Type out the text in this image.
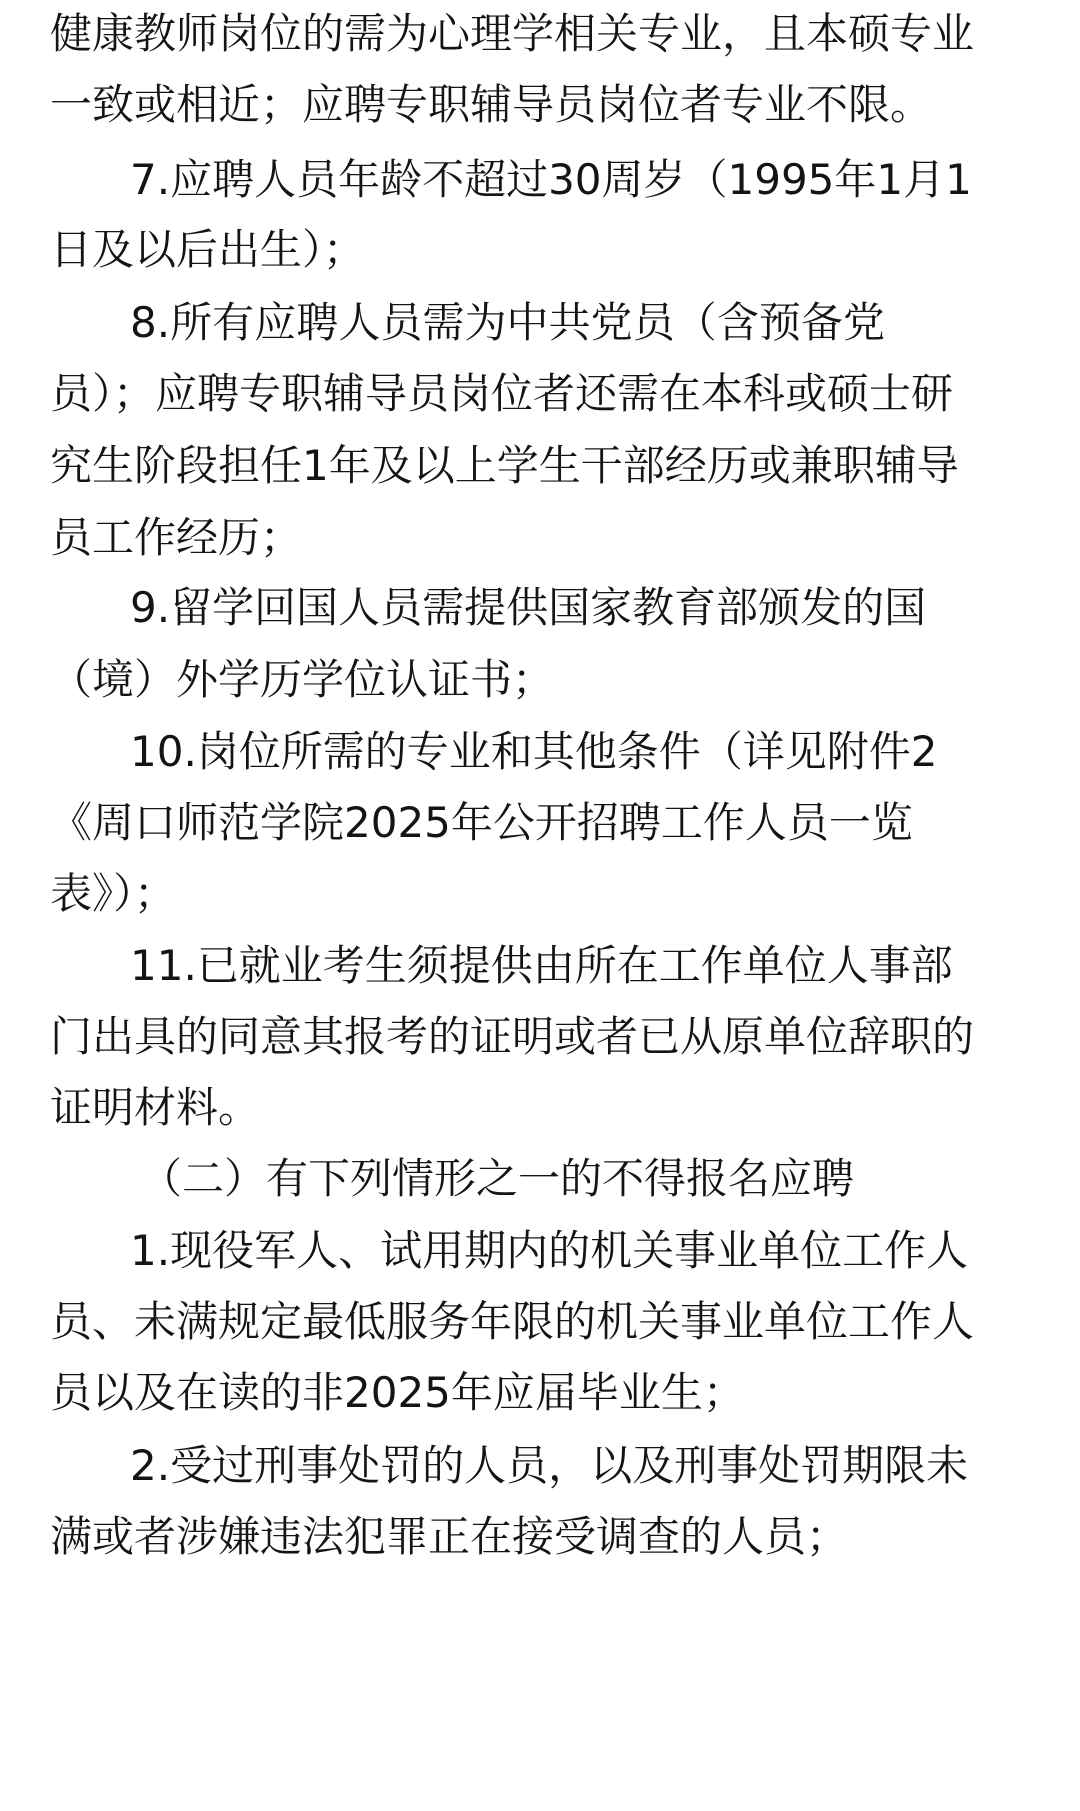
健康教师岗位的需为心理学相关专业，且本硕专业
一致或相近；应聘专职辅导员岗位者专业不限。
7.应聘人员年龄不超过30周岁（1995年1月1
日及以后出生）；
8.所有应聘人员需为中共党员（含预备党
员）；应聘专职辅导员岗位者还需在本科或硕士研
究生阶段担任1年及以上学生干部经历或兼职辅导
员工作经历；
9.留学回国人员需提供国家教育部颁发的国
（境）外学历学位认证书；
10.岗位所需的专业和其他条件（详见附件2
《周口师范学院2025年公开招聘工作人员一览
表》）；
11.已就业考生须提供由所在工作单位人事部
门出具的同意其报考的证明或者已从原单位辞职的
证明材料。
（二）有下列情形之一的不得报名应聘
1.现役军人、试用期内的机关事业单位工作人
员、未满规定最低服务年限的机关事业单位工作人
员以及在读的非2025年应届毕业生；
2.受过刑事处罚的人员，以及刑事处罚期限未
满或者涉嫌违法犯罪正在接受调查的人员；
